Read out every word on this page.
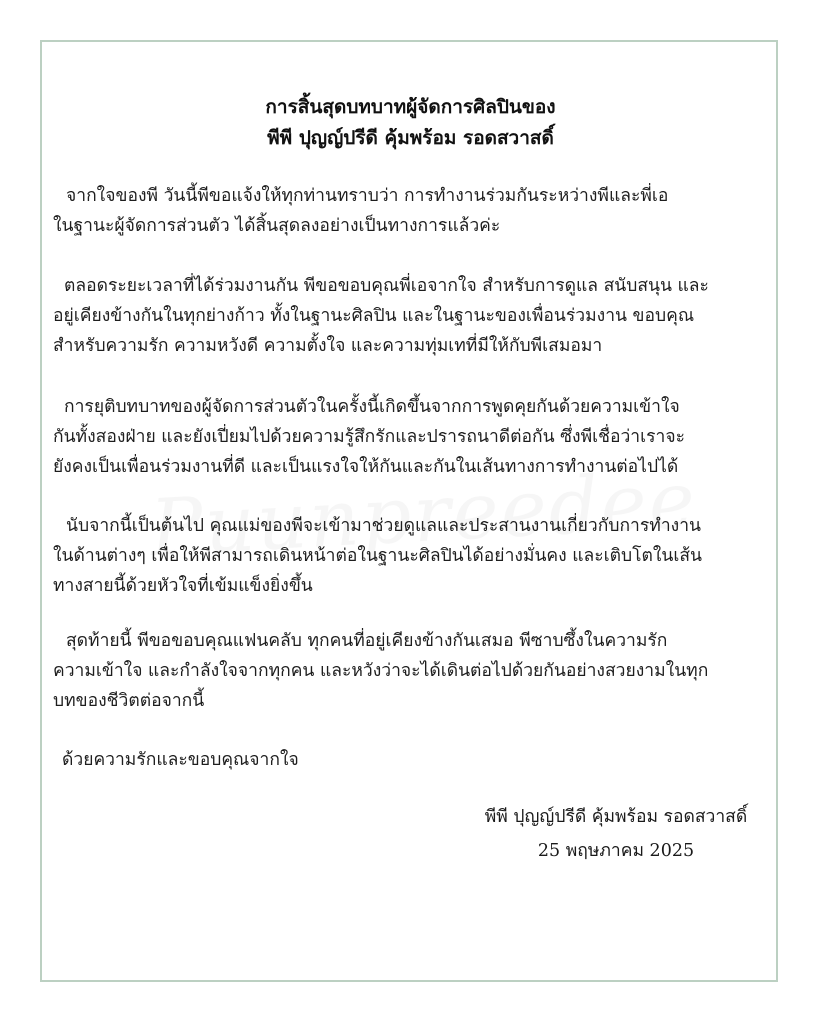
การสิ้นสุดบทบาทผู้จัดการศิลปินของ
พีพี ปุญญ์ปรีดี คุ้มพร้อม รอดสวาสดิ์
จากใจของพี วันนี้พีขอแจ้งให้ทุกท่านทราบว่า การทำงานร่วมกันระหว่างพีและพี่เอ
ในฐานะผู้จัดการส่วนตัว ได้สิ้นสุดลงอย่างเป็นทางการแล้วค่ะ
ตลอดระยะเวลาที่ได้ร่วมงานกัน พีขอขอบคุณพี่เอจากใจ สำหรับการดูแล สนับสนุน และ
อยู่เคียงข้างกันในทุกย่างก้าว ทั้งในฐานะศิลปิน และในฐานะของเพื่อนร่วมงาน ขอบคุณ
สำหรับความรัก ความหวังดี ความตั้งใจ และความทุ่มเทที่มีให้กับพีเสมอมา
การยุติบทบาทของผู้จัดการส่วนตัวในครั้งนี้เกิดขึ้นจากการพูดคุยกันด้วยความเข้าใจ
กันทั้งสองฝ่าย และยังเปี่ยมไปด้วยความรู้สึกรักและปรารถนาดีต่อกัน ซึ่งพีเชื่อว่าเราจะ
ยังคงเป็นเพื่อนร่วมงานที่ดี และเป็นแรงใจให้กันและกันในเส้นทางการทำงานต่อไปได้
นับจากนี้เป็นต้นไป คุณแม่ของพีจะเข้ามาช่วยดูแลและประสานงานเกี่ยวกับการทำงาน
ในด้านต่างๆ เพื่อให้พีสามารถเดินหน้าต่อในฐานะศิลปินได้อย่างมั่นคง และเติบโตในเส้น
ทางสายนี้ด้วยหัวใจที่เข้มแข็งยิ่งขึ้น
สุดท้ายนี้ พีขอขอบคุณแฟนคลับ ทุกคนที่อยู่เคียงข้างกันเสมอ พีซาบซึ้งในความรัก
ความเข้าใจ และกำลังใจจากทุกคน และหวังว่าจะได้เดินต่อไปด้วยกันอย่างสวยงามในทุก
บทของชีวิตต่อจากนี้
ด้วยความรักและขอบคุณจากใจ
พีพี ปุญญ์ปรีดี คุ้มพร้อม รอดสวาสดิ์
25 พฤษภาคม 2025
